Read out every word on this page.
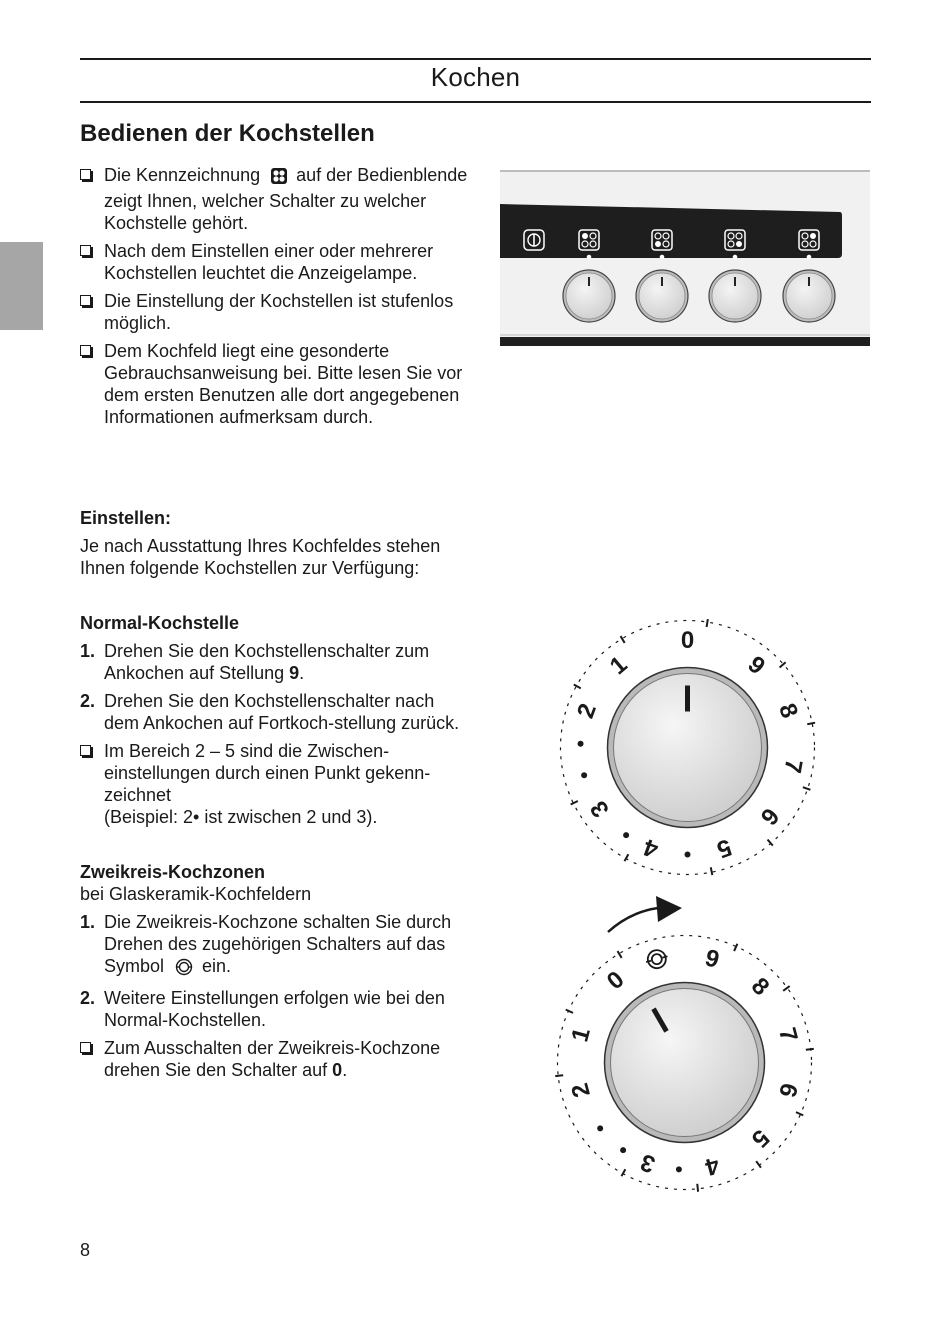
Kochen
Bedienen der Kochstellen
Die Kennzeichnung auf der Bedienblende zeigt Ihnen, welcher Schalter zu welcher Kochstelle gehört.
Nach dem Einstellen einer oder mehrerer Kochstellen leuchtet die Anzeigelampe.
Die Einstellung der Kochstellen ist stufenlos möglich.
Dem Kochfeld liegt eine gesonderte Gebrauchsanweisung bei. Bitte lesen Sie vor dem ersten Benutzen alle dort angegebenen Informationen aufmerksam durch.

Einstellen:

Je nach Ausstattung Ihres Kochfeldes stehen Ihnen folgende Kochstellen zur Verfügung:

Normal-Kochstelle

1. Drehen Sie den Kochstellenschalter zum Ankochen auf Stellung 9.
2. Drehen Sie den Kochstellenschalter nach dem Ankochen auf Fortkoch-stellung zurück.
Im Bereich 2 – 5 sind die Zwischen-einstellungen durch einen Punkt gekenn-zeichnet
(Beispiel: 2• ist zwischen 2 und 3).

Zweikreis-Kochzonen

bei Glaskeramik-Kochfeldern

1. Die Zweikreis-Kochzone schalten Sie durch Drehen des zugehörigen Schalters auf das Symbol ein.
2. Weitere Einstellungen erfolgen wie bei den Normal-Kochstellen.
Zum Ausschalten der Zweikreis-Kochzone drehen Sie den Schalter auf 0.
0
9
8
7
6
5
4
3
2
1
0
9
8
7
6
5
4
3
2
1
8
